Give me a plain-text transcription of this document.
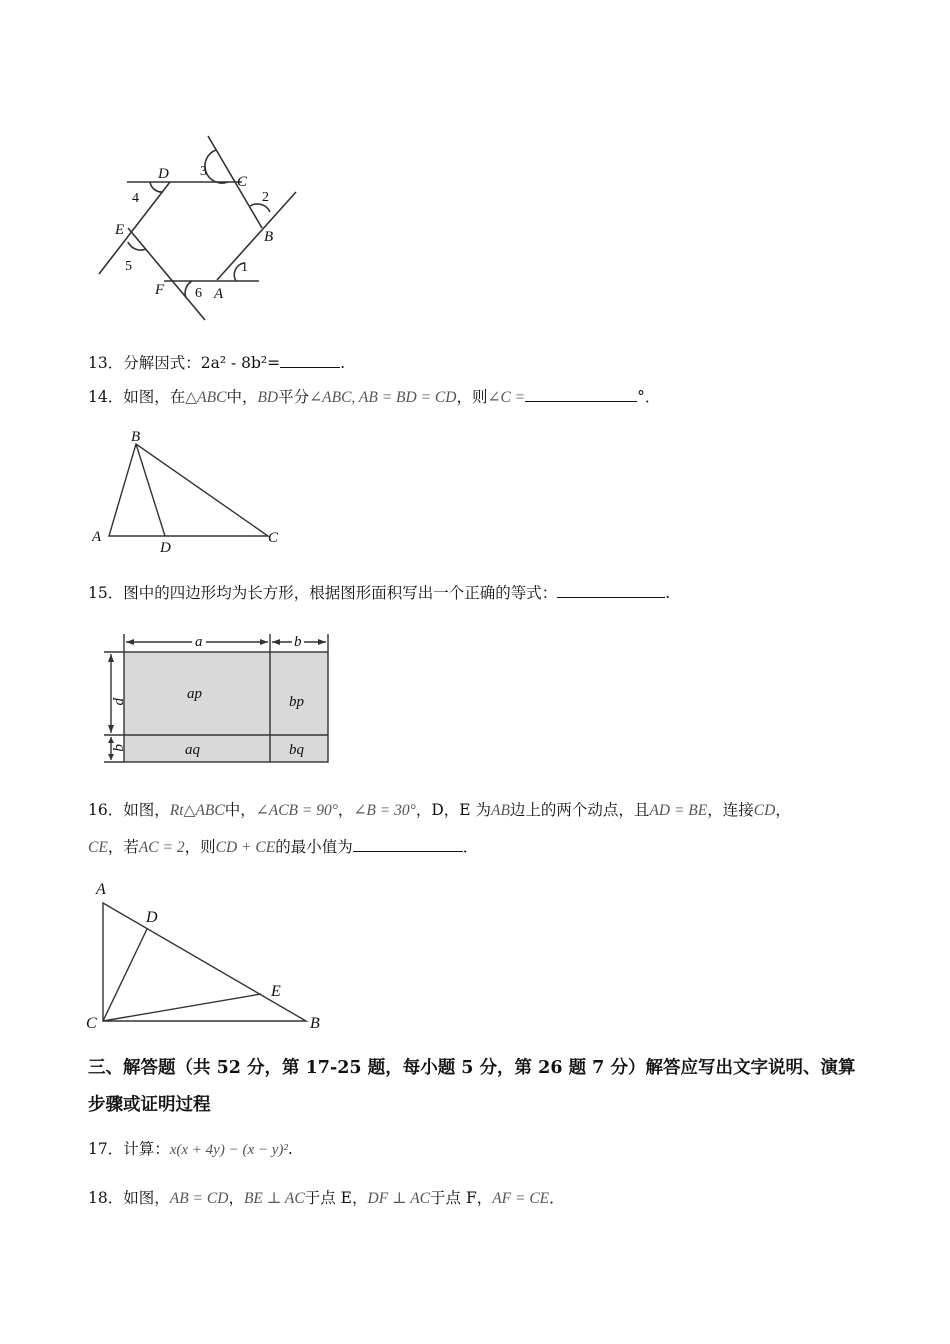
D	C
B
A
E
F
4
3
2
1
5
6
13．分解因式：2a² - 8b²=	.
14．如图，在△ABC中，BD平分∠ABC, AB = BD = CD，则∠C =	°．
B
A
D
C
15．图中的四边形均为长方形，根据图形面积写出一个正确的等式：	.
a	b
p
q
ap	bp
aq	bq
16．如图，Rt△ABC中，∠ACB = 90°，∠B = 30°，D，E 为AB边上的两个动点，且AD = BE，连接CD，
CE，若AC = 2，则CD + CE的最小值为	．
A
D
E
C	B
三、解答题（共 52 分，第 17-25 题，每小题 5 分，第 26 题 7 分）解答应写出文字说明、演算
步骤或证明过程
17．计算：x(x + 4y) − (x − y)².
18．如图，AB = CD，BE ⊥ AC于点 E，DF ⊥ AC于点 F，AF = CE．
